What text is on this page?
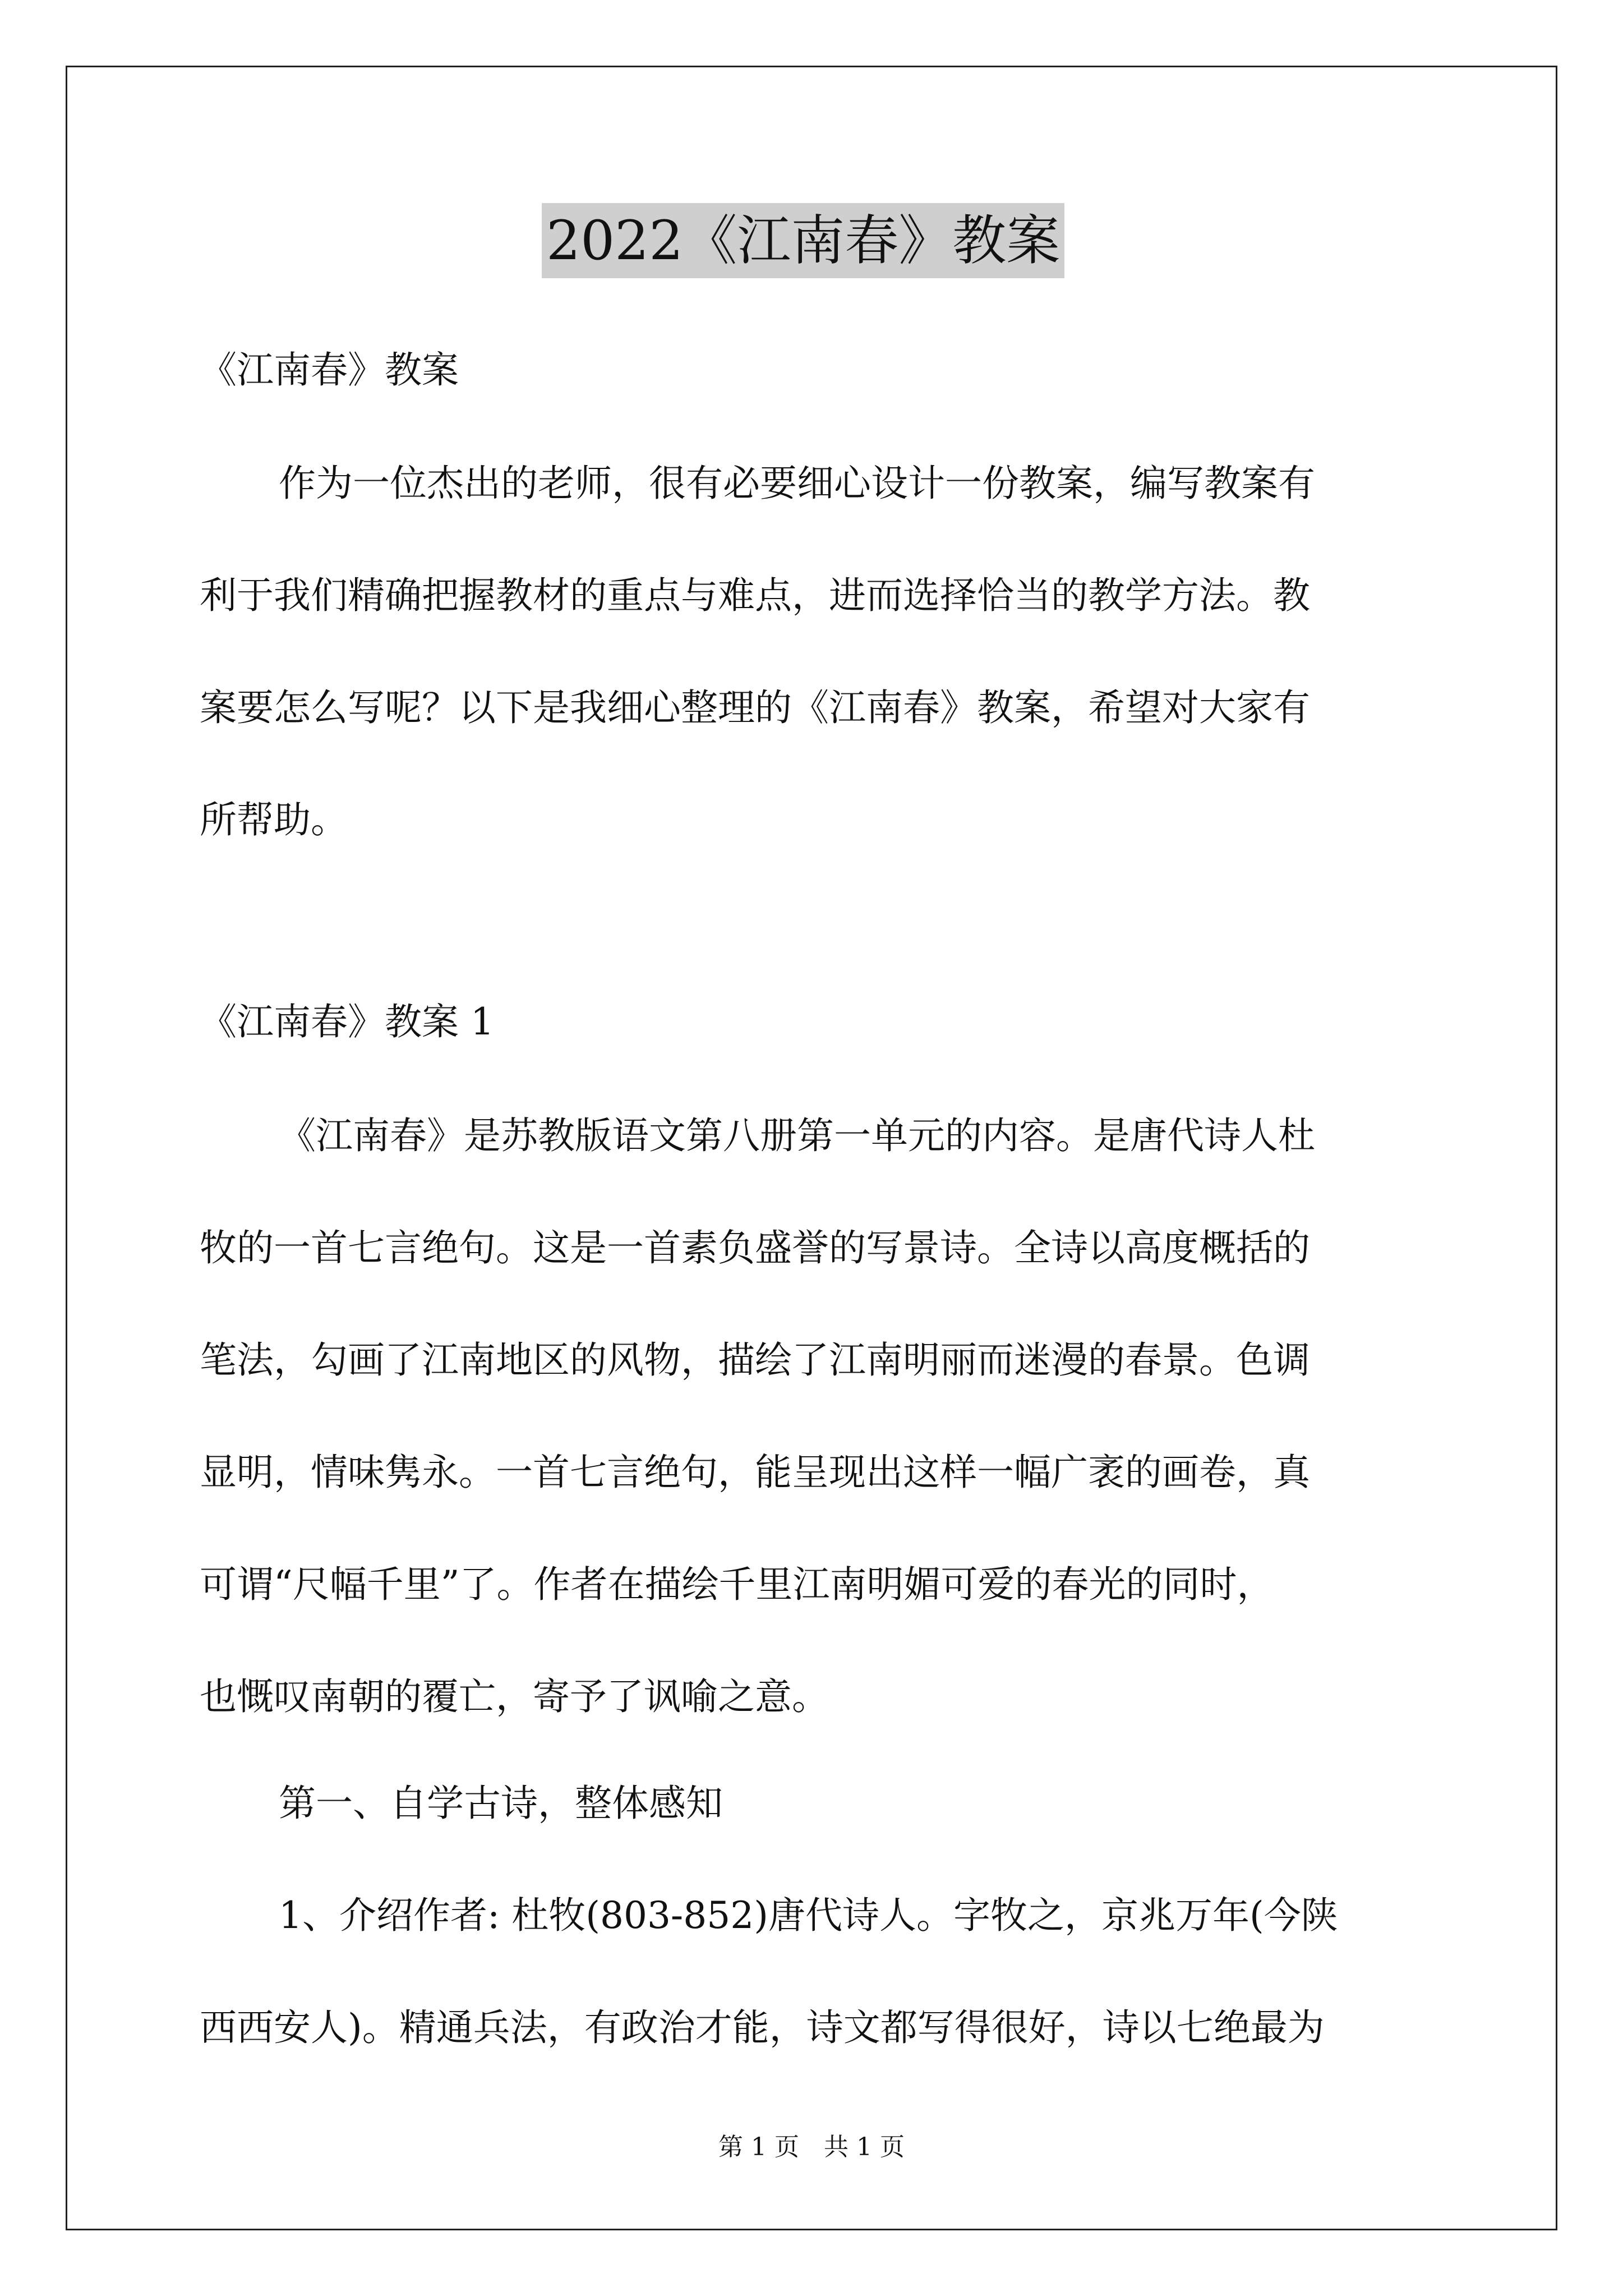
2022《江南春》教案

《江南春》教案

作为一位杰出的老师，很有必要细心设计一份教案，编写教案有

利于我们精确把握教材的重点与难点，进而选择恰当的教学方法。教

案要怎么写呢？以下是我细心整理的《江南春》教案，希望对大家有

所帮助。

《江南春》教案 1

《江南春》是苏教版语文第八册第一单元的内容。是唐代诗人杜

牧的一首七言绝句。这是一首素负盛誉的写景诗。全诗以高度概括的

笔法，勾画了江南地区的风物，描绘了江南明丽而迷漫的春景。色调

显明，情味隽永。一首七言绝句，能呈现出这样一幅广袤的画卷，真

可谓“尺幅千里”了。作者在描绘千里江南明媚可爱的春光的同时，

也慨叹南朝的覆亡，寄予了讽喻之意。

第一、自学古诗，整体感知

1、介绍作者: 杜牧(803-852)唐代诗人。字牧之，京兆万年(今陕

西西安人)。精通兵法，有政治才能，诗文都写得很好，诗以七绝最为

第 1 页　共 1 页
